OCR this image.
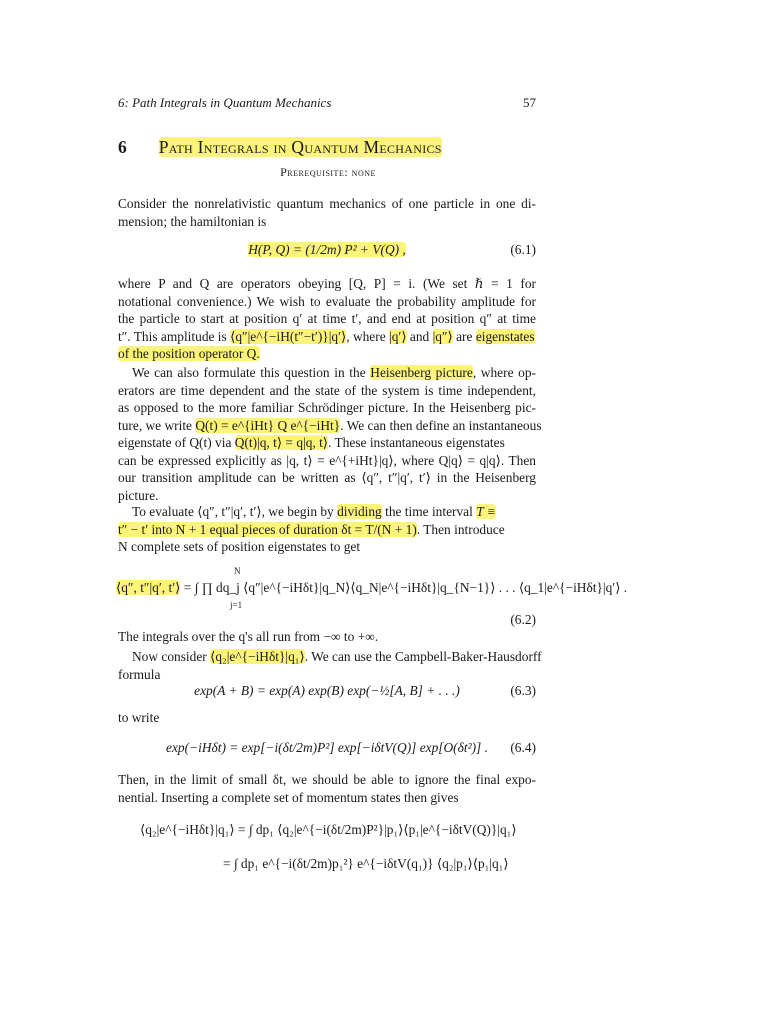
6: Path Integrals in Quantum Mechanics	57
6 Path Integrals in Quantum Mechanics
Prerequisite: none
Consider the nonrelativistic quantum mechanics of one particle in one di-
mension; the hamiltonian is
H(P, Q) = (1/2m) P² + V(Q) ,	(6.1)
where P and Q are operators obeying [Q, P] = i. (We set ℏ = 1 for
notational convenience.) We wish to evaluate the probability amplitude for
the particle to start at position q′ at time t′, and end at position q″ at time
t″. This amplitude is ⟨q″|e^{−iH(t″−t′)}|q′⟩, where |q′⟩ and |q″⟩ are eigenstates
of the position operator Q.
We can also formulate this question in the Heisenberg picture, where op-
erators are time dependent and the state of the system is time independent,
as opposed to the more familiar Schrödinger picture. In the Heisenberg pic-
ture, we write Q(t) = e^{iHt} Q e^{−iHt}. We can then define an instantaneous
eigenstate of Q(t) via Q(t)|q, t⟩ = q|q, t⟩. These instantaneous eigenstates
can be expressed explicitly as |q, t⟩ = e^{+iHt}|q⟩, where Q|q⟩ = q|q⟩. Then
our transition amplitude can be written as ⟨q″, t″|q′, t′⟩ in the Heisenberg
picture.
To evaluate ⟨q″, t″|q′, t′⟩, we begin by dividing the time interval T ≡
t″ − t′ into N + 1 equal pieces of duration δt = T/(N + 1). Then introduce
N complete sets of position eigenstates to get
⟨q″, t″|q′, t′⟩ = ∫ ∏ dq_j ⟨q″|e^{−iHδt}|q_N⟩⟨q_N|e^{−iHδt}|q_{N−1}⟩ . . . ⟨q_1|e^{−iHδt}|q′⟩ .
N
j=1
(6.2)
The integrals over the q's all run from −∞ to +∞.
Now consider ⟨q₂|e^{−iHδt}|q₁⟩. We can use the Campbell-Baker-Hausdorff
formula
exp(A + B) = exp(A) exp(B) exp(−½[A, B] + . . .)	(6.3)
to write
exp(−iHδt) = exp[−i(δt/2m)P²] exp[−iδtV(Q)] exp[O(δt²)] .	(6.4)
Then, in the limit of small δt, we should be able to ignore the final expo-
nential. Inserting a complete set of momentum states then gives
⟨q₂|e^{−iHδt}|q₁⟩ = ∫ dp₁ ⟨q₂|e^{−i(δt/2m)P²}|p₁⟩⟨p₁|e^{−iδtV(Q)}|q₁⟩
= ∫ dp₁ e^{−i(δt/2m)p₁²} e^{−iδtV(q₁)} ⟨q₂|p₁⟩⟨p₁|q₁⟩
